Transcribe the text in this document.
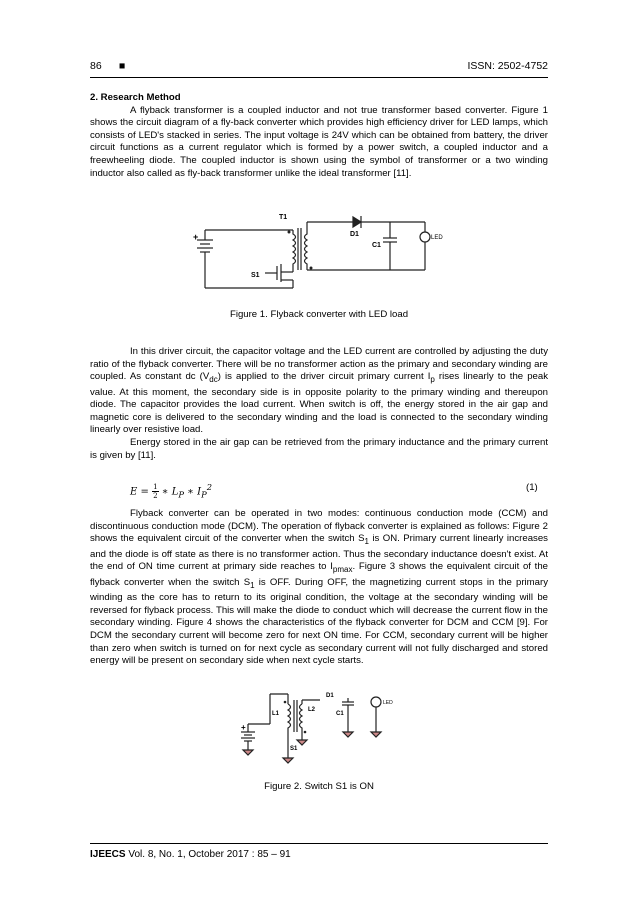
86 ■	ISSN: 2502-4752

2. Research Method

A flyback transformer is a coupled inductor and not true transformer based converter. Figure 1 shows the circuit diagram of a fly-back converter which provides high efficiency driver for LED lamps, which consists of LED's stacked in series. The input voltage is 24V which can be obtained from battery, the driver circuit functions as a current regulator which is formed by a power switch, a coupled inductor and a freewheeling diode. The coupled inductor is shown using the symbol of transformer or a two winding inductor also called as fly-back transformer unlike the ideal transformer [11].

T1
D1
C1
LED
S1
+
Figure 1. Flyback converter with LED load

In this driver circuit, the capacitor voltage and the LED current are controlled by adjusting the duty ratio of the flyback converter. There will be no transformer action as the primary and secondary winding are coupled. As constant dc $(V_{dc})$ is applied to the driver circuit primary current $I_p$ rises linearly to the peak value. At this moment, the secondary side is in opposite polarity to the primary winding and thereupon diode. The capacitor provides the load current. When switch is off, the energy stored in the air gap and magnetic core is delivered to the secondary winding and the load is connected to the secondary winding linearly over resistive load.

Energy stored in the air gap can be retrieved from the primary inductance and the primary current is given by [11].

$E = \frac{1}{2}$ ∗ $L_P$ ∗ $I_P^2$	(1)

Flyback converter can be operated in two modes: continuous conduction mode (CCM) and discontinuous conduction mode (DCM). The operation of flyback converter is explained as follows: Figure 2 shows the equivalent circuit of the converter when the switch $S_1$ is ON. Primary current linearly increases and the diode is off state as there is no transformer action. Thus the secondary inductance doesn't exist. At the end of ON time current at primary side reaches to $I_{pmax}$. Figure 3 shows the equivalent circuit of the flyback converter when the switch $S_1$ is OFF. During OFF, the magnetizing current stops in the primary winding as the core has to return to its original condition, the voltage at the secondary winding will be reversed for flyback process. This will make the diode to conduct which will decrease the current flow in the secondary winding. Figure 4 shows the characteristics of the flyback converter for DCM and CCM [9]. For DCM the secondary current will become zero for next ON time. For CCM, secondary current will be higher than zero when switch is turned on for next cycle as secondary current will not fully discharged and stored energy will be present on secondary side when next cycle starts.

L1
L2
D1
C1
LED
S1
+
Figure 2. Switch S1 is ON
IJEECS Vol. 8, No. 1, October 2017 : 85 – 91
